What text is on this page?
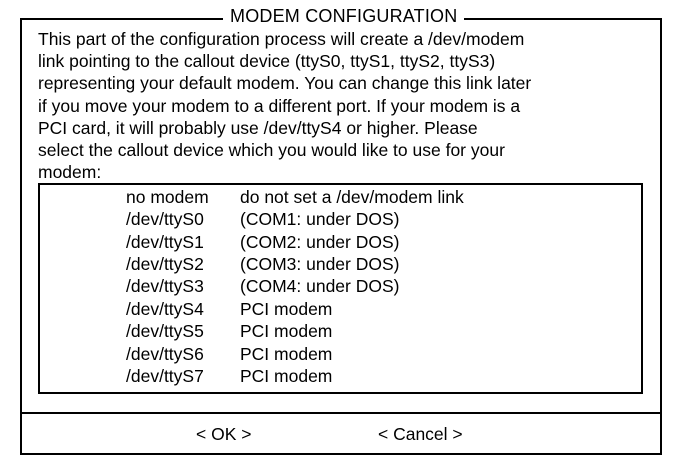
MODEM CONFIGURATION

This part of the configuration process will create a /dev/modem
link pointing to the callout device (ttyS0, ttyS1, ttyS2, ttyS3)
representing your default modem. You can change this link later
if you move your modem to a different port. If your modem is a
PCI card, it will probably use /dev/ttyS4 or higher. Please
select the callout device which you would like to use for your
modem:

no modem do not set a /dev/modem link
/dev/ttyS0 (COM1: under DOS)
/dev/ttyS1 (COM2: under DOS)
/dev/ttyS2 (COM3: under DOS)
/dev/ttyS3 (COM4: under DOS)
/dev/ttyS4 PCI modem
/dev/ttyS5 PCI modem
/dev/ttyS6 PCI modem
/dev/ttyS7 PCI modem
< OK >	< Cancel >
